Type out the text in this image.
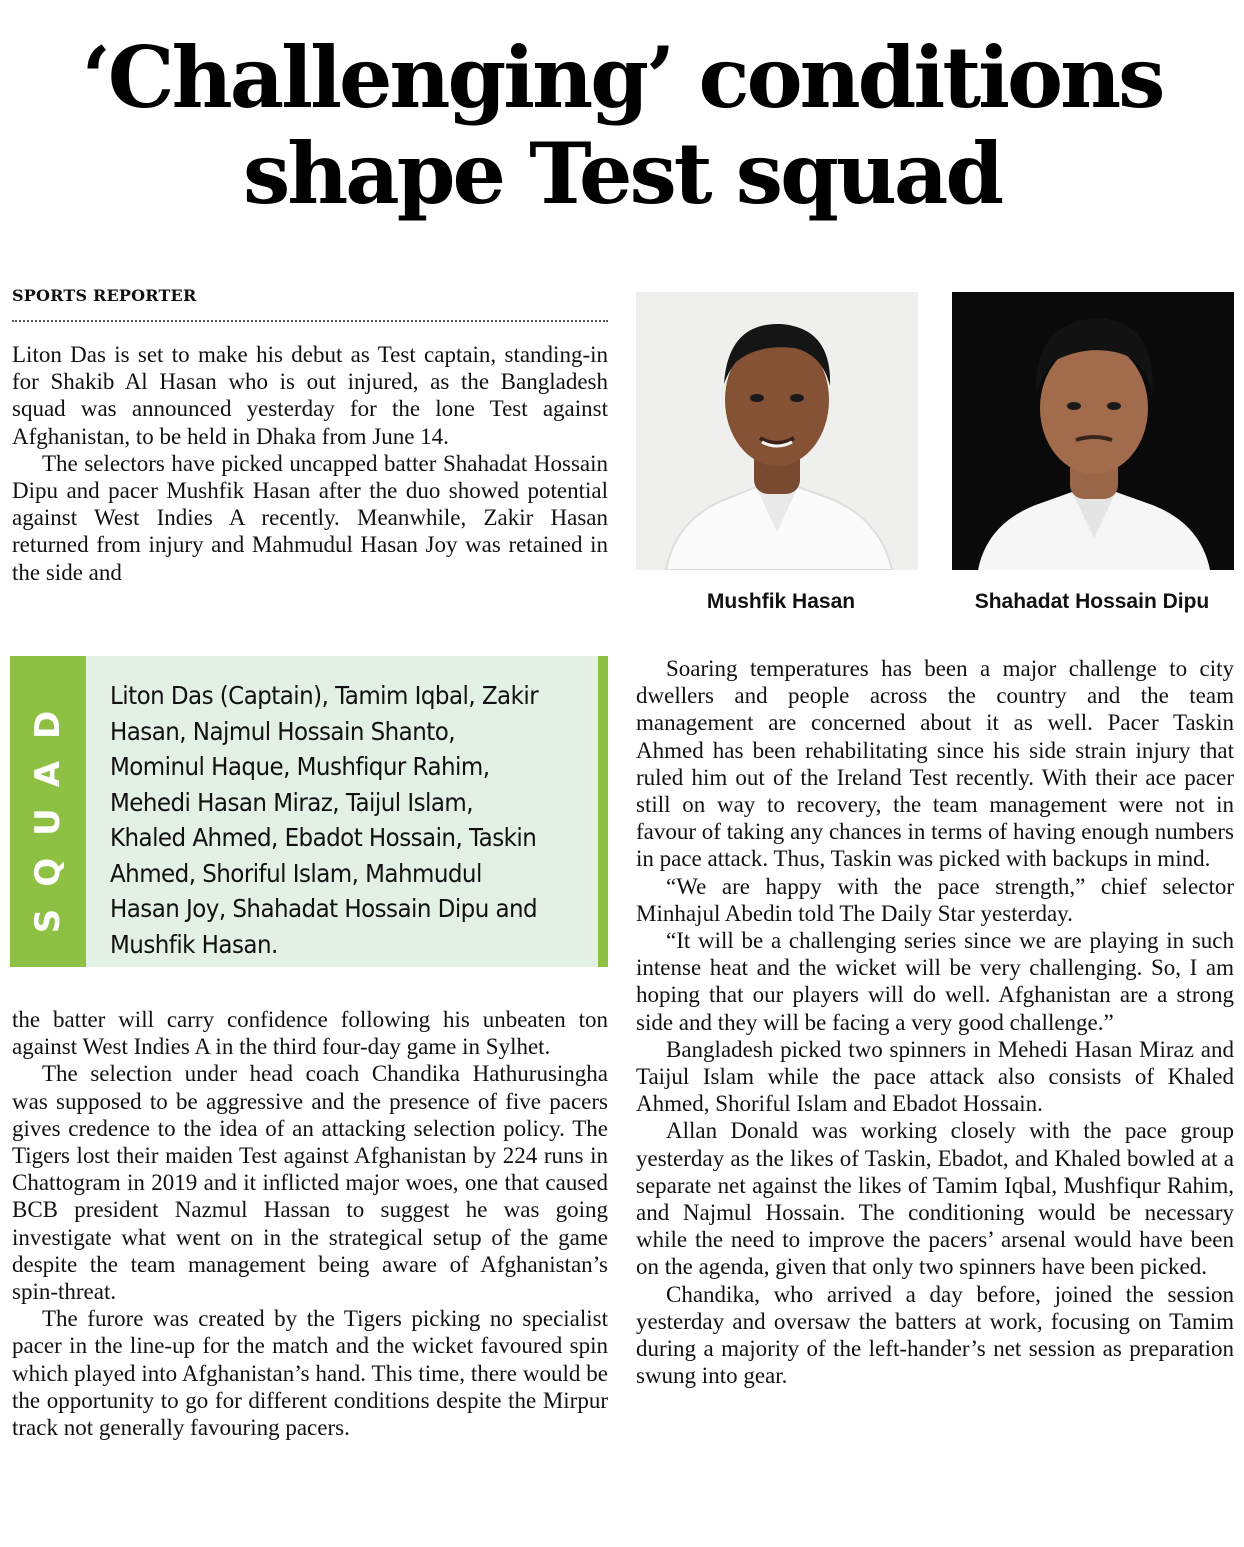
‘Challenging’ conditions
shape Test squad
SPORTS REPORTER

Liton Das is set to make his debut as Test captain, standing-in for Shakib Al Hasan who is out injured, as the Bangladesh squad was announced yesterday for the lone Test against Afghanistan, to be held in Dhaka from June 14.

The selectors have picked uncapped batter Shahadat Hossain Dipu and pacer Mushfik Hasan after the duo showed potential against West Indies A recently. Meanwhile, Zakir Hasan returned from injury and Mahmudul Hasan Joy was retained in the side and

SQUAD Liton Das (Captain), Tamim Iqbal, Zakir Hasan, Najmul Hossain Shanto, Mominul Haque, Mushfiqur Rahim, Mehedi Hasan Miraz, Taijul Islam, Khaled Ahmed, Ebadot Hossain, Taskin Ahmed, Shoriful Islam, Mahmudul Hasan Joy, Shahadat Hossain Dipu and Mushfik Hasan.

the batter will carry confidence following his unbeaten ton against West Indies A in the third four-day game in Sylhet.

The selection under head coach Chandika Hathurusingha was supposed to be aggressive and the presence of five pacers gives credence to the idea of an attacking selection policy. The Tigers lost their maiden Test against Afghanistan by 224 runs in Chattogram in 2019 and it inflicted major woes, one that caused BCB president Nazmul Hassan to suggest he was going investigate what went on in the strategical setup of the game despite the team management being aware of Afghanistan’s spin-threat.

The furore was created by the Tigers picking no specialist pacer in the line-up for the match and the wicket favoured spin which played into Afghanistan’s hand. This time, there would be the opportunity to go for different conditions despite the Mirpur track not generally favouring pacers.

Mushfik Hasan	Shahadat Hossain Dipu

Soaring temperatures has been a major challenge to city dwellers and people across the country and the team management are concerned about it as well. Pacer Taskin Ahmed has been rehabilitating since his side strain injury that ruled him out of the Ireland Test recently. With their ace pacer still on way to recovery, the team management were not in favour of taking any chances in terms of having enough numbers in pace attack. Thus, Taskin was picked with backups in mind.

“We are happy with the pace strength,” chief selector Minhajul Abedin told The Daily Star yesterday.

“It will be a challenging series since we are playing in such intense heat and the wicket will be very challenging. So, I am hoping that our players will do well. Afghanistan are a strong side and they will be facing a very good challenge.”

Bangladesh picked two spinners in Mehedi Hasan Miraz and Taijul Islam while the pace attack also consists of Khaled Ahmed, Shoriful Islam and Ebadot Hossain.

Allan Donald was working closely with the pace group yesterday as the likes of Taskin, Ebadot, and Khaled bowled at a separate net against the likes of Tamim Iqbal, Mushfiqur Rahim, and Najmul Hossain. The conditioning would be necessary while the need to improve the pacers’ arsenal would have been on the agenda, given that only two spinners have been picked.

Chandika, who arrived a day before, joined the session yesterday and oversaw the batters at work, focusing on Tamim during a majority of the left-hander’s net session as preparation swung into gear.
